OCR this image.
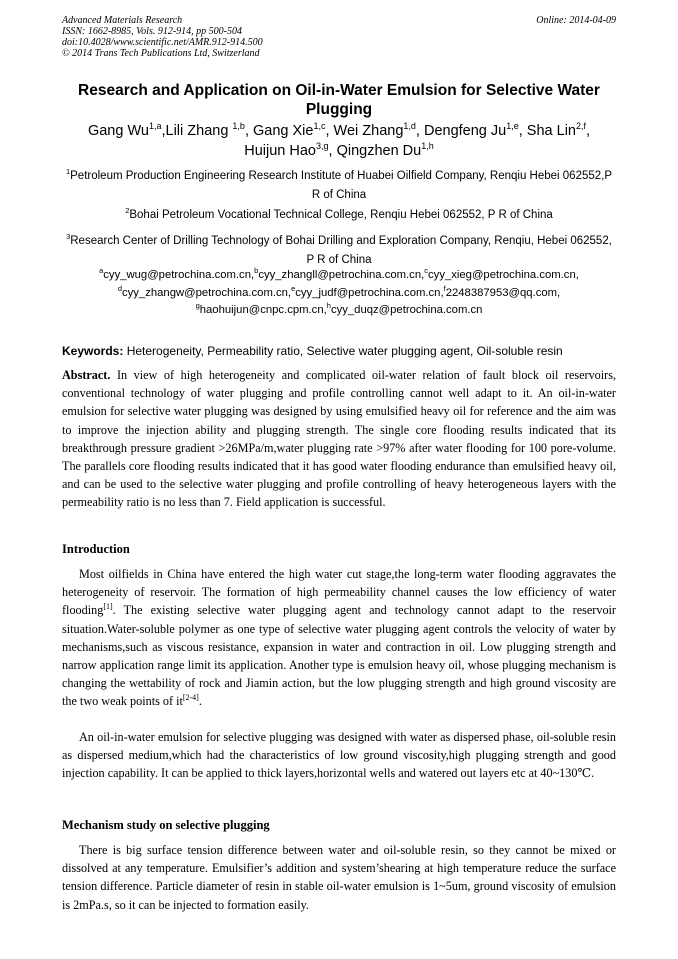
Advanced Materials Research
ISSN: 1662-8985, Vols. 912-914, pp 500-504
doi:10.4028/www.scientific.net/AMR.912-914.500
© 2014 Trans Tech Publications Ltd, Switzerland
Online: 2014-04-09
Research and Application on Oil-in-Water Emulsion for Selective Water Plugging
Gang Wu$^{1,a}$,Lili Zhang $^{1,b}$, Gang Xie$^{1,c}$, Wei Zhang$^{1,d}$, Dengfeng Ju$^{1,e}$, Sha Lin$^{2,f}$,
Huijun Hao$^{3,g}$, Qingzhen Du$^{1,h}$
$^1$Petroleum Production Engineering Research Institute of Huabei Oilfield Company, Renqiu Hebei 062552,P R of China
$^2$Bohai Petroleum Vocational Technical College, Renqiu Hebei 062552, P R of China
$^3$Research Center of Drilling Technology of Bohai Drilling and Exploration Company, Renqiu, Hebei 062552, P R of China
$^a$cyy_wug@petrochina.com.cn,$^b$cyy_zhangll@petrochina.com.cn,$^c$cyy_xieg@petrochina.com.cn,
$^d$cyy_zhangw@petrochina.com.cn,$^e$cyy_judf@petrochina.com.cn,$^f$2248387953@qq.com,
$^g$haohuijun@cnpc.cpm.cn,$^h$cyy_duqz@petrochina.com.cn
Keywords: Heterogeneity, Permeability ratio, Selective water plugging agent, Oil-soluble resin
Abstract. In view of high heterogeneity and complicated oil-water relation of fault block oil reservoirs, conventional technology of water plugging and profile controlling cannot well adapt to it. An oil-in-water emulsion for selective water plugging was designed by using emulsified heavy oil for reference and the aim was to improve the injection ability and plugging strength. The single core flooding results indicated that its breakthrough pressure gradient >26MPa/m,water plugging rate >97% after water flooding for 100 pore-volume. The parallels core flooding results indicated that it has good water flooding endurance than emulsified heavy oil, and can be used to the selective water plugging and profile controlling of heavy heterogeneous layers with the permeability ratio is no less than 7. Field application is successful.
Introduction
Most oilfields in China have entered the high water cut stage,the long-term water flooding aggravates the heterogeneity of reservoir. The formation of high permeability channel causes the low efficiency of water flooding[1]. The existing selective water plugging agent and technology cannot adapt to the reservoir situation.Water-soluble polymer as one type of selective water plugging agent controls the velocity of water by mechanisms,such as viscous resistance, expansion in water and contraction in oil. Low plugging strength and narrow application range limit its application. Another type is emulsion heavy oil, whose plugging mechanism is changing the wettability of rock and Jiamin action, but the low plugging strength and high ground viscosity are the two weak points of it[2-4].
An oil-in-water emulsion for selective plugging was designed with water as dispersed phase, oil-soluble resin as dispersed medium,which had the characteristics of low ground viscosity,high plugging strength and good injection capability. It can be applied to thick layers,horizontal wells and watered out layers etc at 40~130℃.
Mechanism study on selective plugging
There is big surface tension difference between water and oil-soluble resin, so they cannot be mixed or dissolved at any temperature. Emulsifier’s addition and system’shearing at high temperature reduce the surface tension difference. Particle diameter of resin in stable oil-water emulsion is 1~5um, ground viscosity of emulsion is 2mPa.s, so it can be injected to formation easily.
